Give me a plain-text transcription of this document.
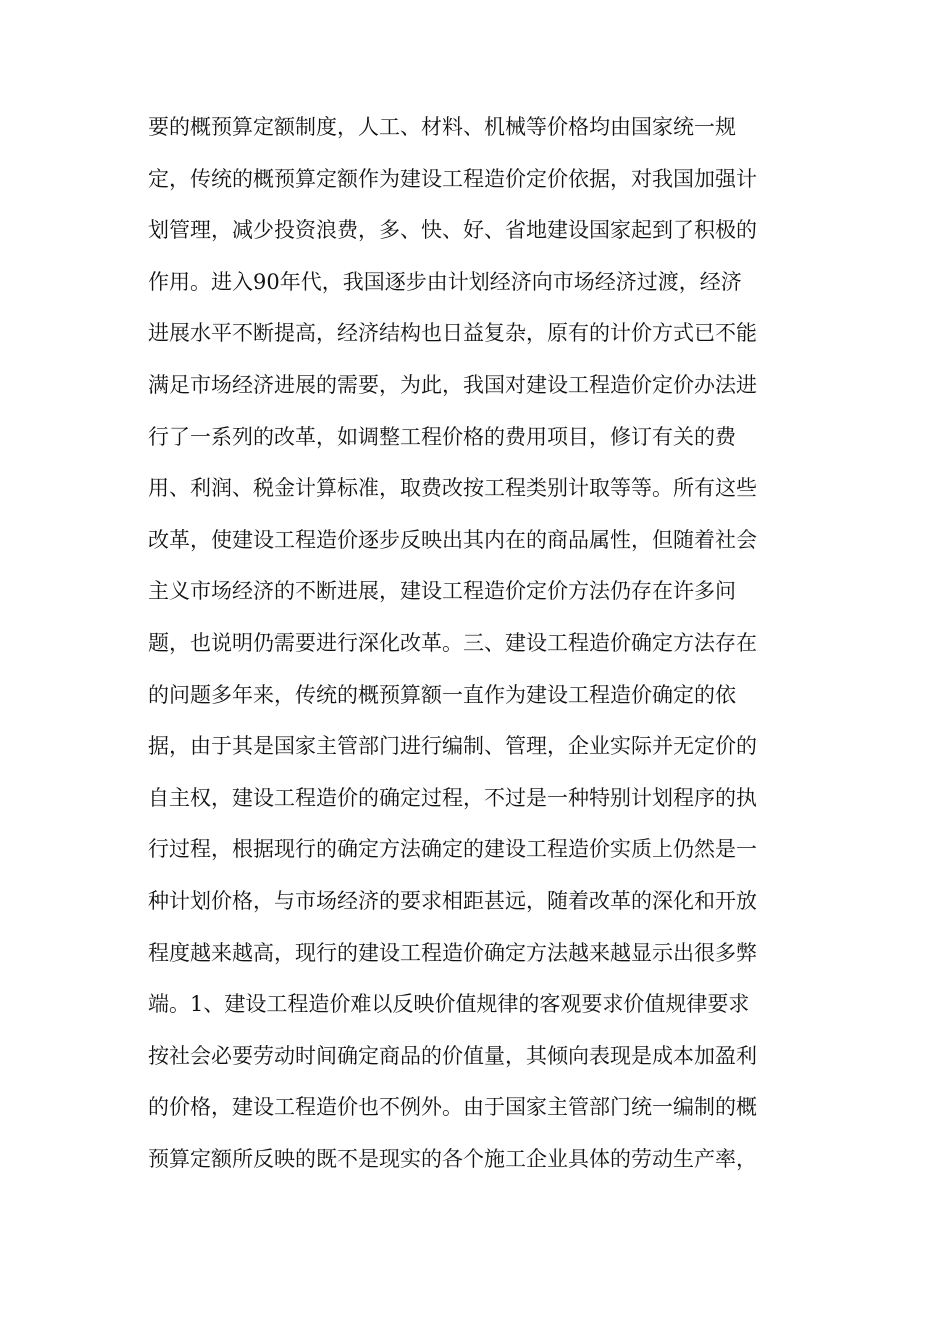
要的概预算定额制度，人工、材料、机械等价格均由国家统一规
定，传统的概预算定额作为建设工程造价定价依据，对我国加强计
划管理，减少投资浪费，多、快、好、省地建设国家起到了积极的
作用。进入90年代，我国逐步由计划经济向市场经济过渡，经济
进展水平不断提高，经济结构也日益复杂，原有的计价方式已不能
满足市场经济进展的需要，为此，我国对建设工程造价定价办法进
行了一系列的改革，如调整工程价格的费用项目，修订有关的费
用、利润、税金计算标准，取费改按工程类别计取等等。所有这些
改革，使建设工程造价逐步反映出其内在的商品属性，但随着社会
主义市场经济的不断进展，建设工程造价定价方法仍存在许多问
题，也说明仍需要进行深化改革。三、建设工程造价确定方法存在
的问题多年来，传统的概预算额一直作为建设工程造价确定的依
据，由于其是国家主管部门进行编制、管理，企业实际并无定价的
自主权，建设工程造价的确定过程，不过是一种特别计划程序的执
行过程，根据现行的确定方法确定的建设工程造价实质上仍然是一
种计划价格，与市场经济的要求相距甚远，随着改革的深化和开放
程度越来越高，现行的建设工程造价确定方法越来越显示出很多弊
端。1、建设工程造价难以反映价值规律的客观要求价值规律要求
按社会必要劳动时间确定商品的价值量，其倾向表现是成本加盈利
的价格，建设工程造价也不例外。由于国家主管部门统一编制的概
预算定额所反映的既不是现实的各个施工企业具体的劳动生产率，
